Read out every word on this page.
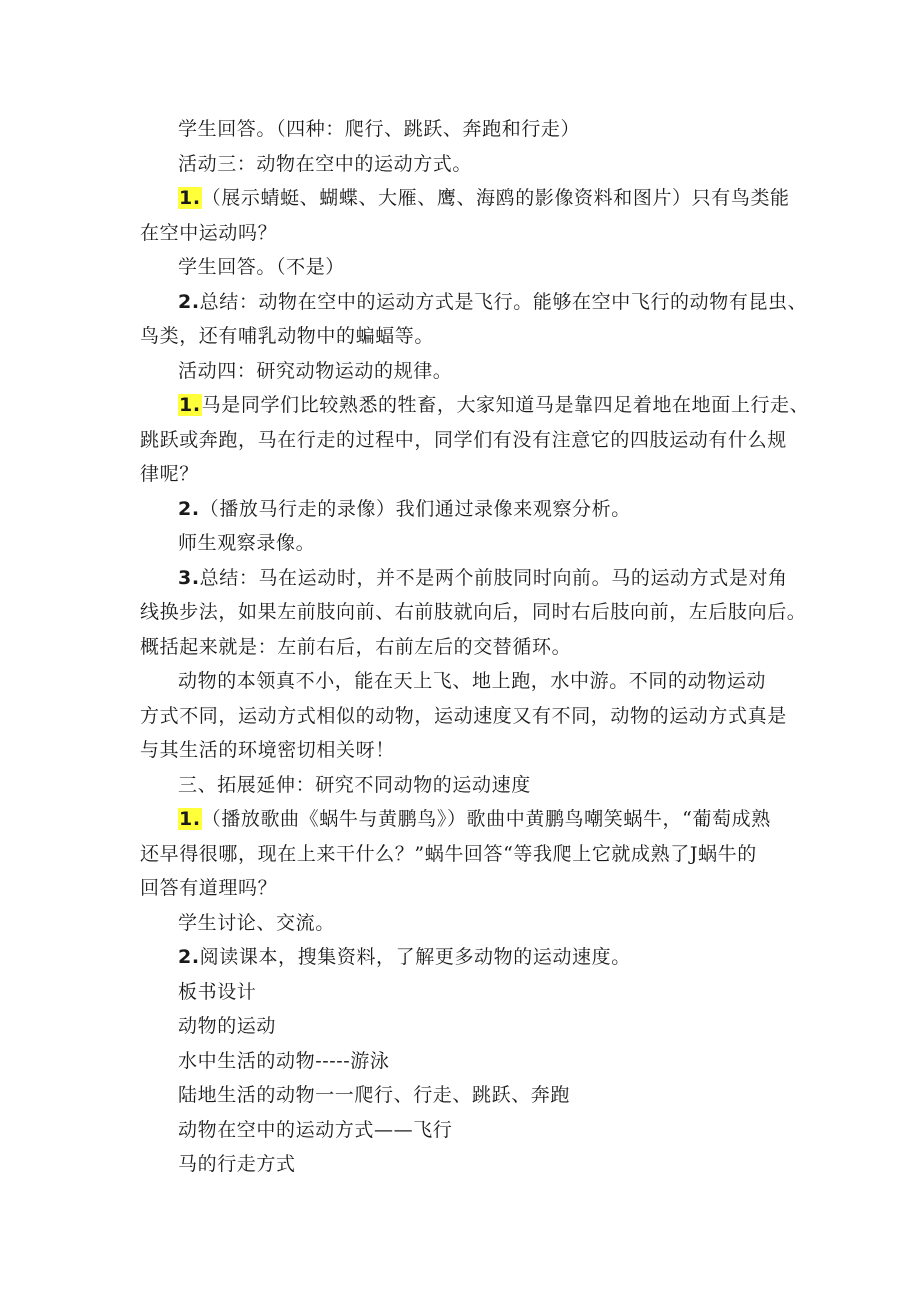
学生回答。（四种：爬行、跳跃、奔跑和行走）
活动三：动物在空中的运动方式。
1.（展示蜻蜓、蝴蝶、大雁、鹰、海鸥的影像资料和图片）只有鸟类能
在空中运动吗？
学生回答。（不是）
2.总结：动物在空中的运动方式是飞行。能够在空中飞行的动物有昆虫、
鸟类，还有哺乳动物中的蝙蝠等。
活动四：研究动物运动的规律。
1.马是同学们比较熟悉的牲畜，大家知道马是靠四足着地在地面上行走、
跳跃或奔跑，马在行走的过程中，同学们有没有注意它的四肢运动有什么规
律呢？
2.（播放马行走的录像）我们通过录像来观察分析。
师生观察录像。
3.总结：马在运动时，并不是两个前肢同时向前。马的运动方式是对角
线换步法，如果左前肢向前、右前肢就向后，同时右后肢向前，左后肢向后。
概括起来就是：左前右后，右前左后的交替循环。
动物的本领真不小，能在天上飞、地上跑，水中游。不同的动物运动
方式不同，运动方式相似的动物，运动速度又有不同，动物的运动方式真是
与其生活的环境密切相关呀！
三、拓展延伸：研究不同动物的运动速度
1.（播放歌曲《蜗牛与黄鹏鸟》）歌曲中黄鹏鸟嘲笑蜗牛，“葡萄成熟
还早得很哪，现在上来干什么？”蜗牛回答“等我爬上它就成熟了J蜗牛的
回答有道理吗？
学生讨论、交流。
2.阅读课本，搜集资料，了解更多动物的运动速度。
板书设计
动物的运动
水中生活的动物-----游泳
陆地生活的动物一一爬行、行走、跳跃、奔跑
动物在空中的运动方式——飞行
马的行走方式
